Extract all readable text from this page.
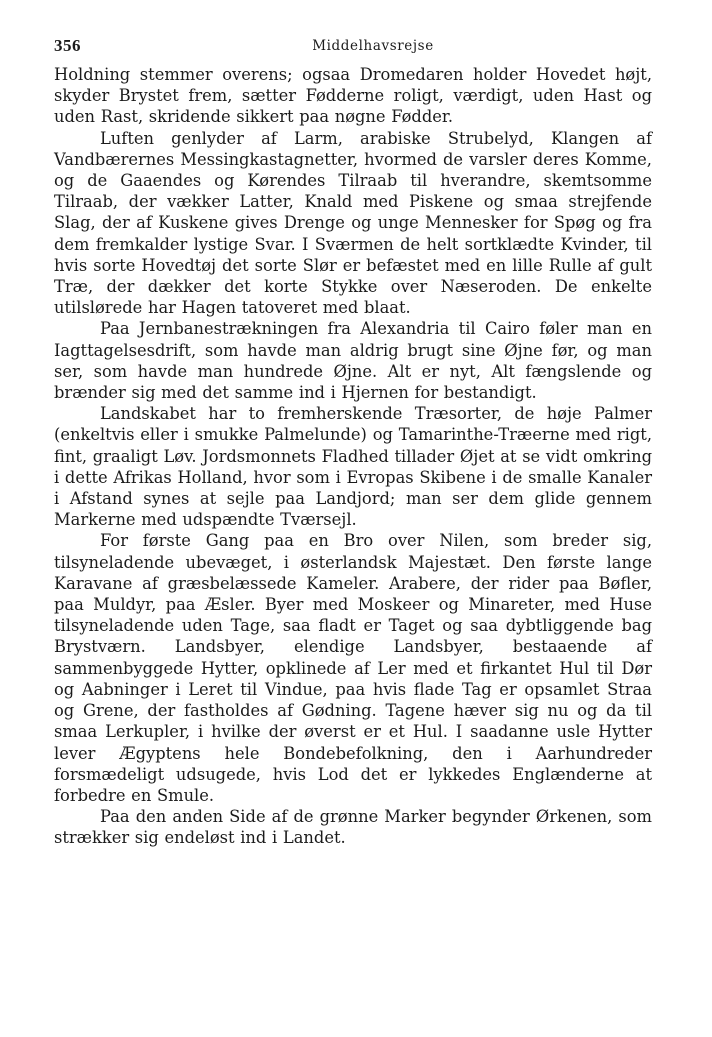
356	Middelhavsrejse

Holdning stemmer overens; ogsaa Dromedaren holder Hovedet højt, skyder Brystet frem, sætter Fødderne roligt, værdigt, uden Hast og uden Rast, skridende sikkert paa nøgne Fødder.

Luften genlyder af Larm, arabiske Strubelyd, Klangen af Vandbærernes Messingkastagnetter, hvormed de varsler deres Komme, og de Gaaendes og Kørendes Tilraab til hverandre, skemtsomme Tilraab, der vækker Latter, Knald med Piskene og smaa strejfende Slag, der af Kuskene gives Drenge og unge Mennesker for Spøg og fra dem fremkalder lystige Svar. I Sværmen de helt sortklædte Kvinder, til hvis sorte Hovedtøj det sorte Slør er befæstet med en lille Rulle af gult Træ, der dækker det korte Stykke over Næseroden. De enkelte utilslørede har Hagen tatoveret med blaat.

Paa Jernbanestrækningen fra Alexandria til Cairo føler man en Iagttagelsesdrift, som havde man aldrig brugt sine Øjne før, og man ser, som havde man hundrede Øjne. Alt er nyt, Alt fængslende og brænder sig med det samme ind i Hjernen for bestandigt.

Landskabet har to fremherskende Træsorter, de høje Palmer (enkeltvis eller i smukke Palmelunde) og Tamarinthe-Træerne med rigt, fint, graaligt Løv. Jordsmonnets Fladhed tillader Øjet at se vidt omkring i dette Afrikas Holland, hvor som i Evropas Skibene i de smalle Kanaler i Afstand synes at sejle paa Landjord; man ser dem glide gennem Markerne med udspændte Tværsejl.

For første Gang paa en Bro over Nilen, som breder sig, tilsyneladende ubevæget, i østerlandsk Majestæt. Den første lange Karavane af græsbelæssede Kameler. Arabere, der rider paa Bøfler, paa Muldyr, paa Æsler. Byer med Moskeer og Minareter, med Huse tilsyneladende uden Tage, saa fladt er Taget og saa dybtliggende bag Brystværn. Landsbyer, elendige Landsbyer, bestaaende af sammenbyggede Hytter, opklinede af Ler med et firkantet Hul til Dør og Aabninger i Leret til Vindue, paa hvis flade Tag er opsamlet Straa og Grene, der fastholdes af Gødning. Tagene hæver sig nu og da til smaa Lerkupler, i hvilke der øverst er et Hul. I saadanne usle Hytter lever Ægyptens hele Bondebefolkning, den i Aarhundreder forsmædeligt udsugede, hvis Lod det er lykkedes Englænderne at forbedre en Smule.

Paa den anden Side af de grønne Marker begynder Ørkenen, som strækker sig endeløst ind i Landet.
